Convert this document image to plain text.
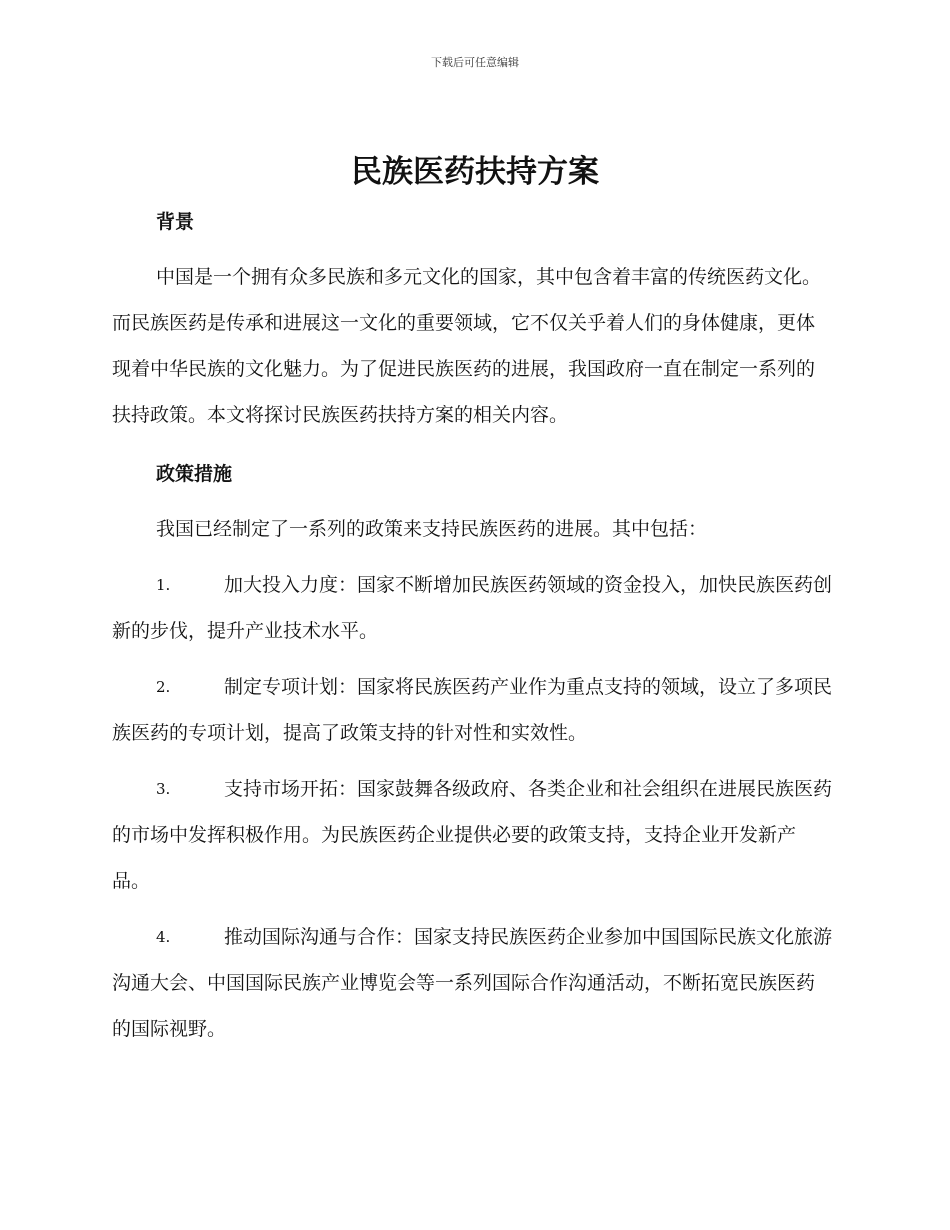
下载后可任意编辑
民族医药扶持方案
背景

中国是一个拥有众多民族和多元文化的国家，其中包含着丰富的传统医药文化。而民族医药是传承和进展这一文化的重要领域，它不仅关乎着人们的身体健康，更体现着中华民族的文化魅力。为了促进民族医药的进展，我国政府一直在制定一系列的扶持政策。本文将探讨民族医药扶持方案的相关内容。

政策措施

我国已经制定了一系列的政策来支持民族医药的进展。其中包括：

1.	加大投入力度：国家不断增加民族医药领域的资金投入，加快民族医药创新的步伐，提升产业技术水平。
2.	制定专项计划：国家将民族医药产业作为重点支持的领域，设立了多项民族医药的专项计划，提高了政策支持的针对性和实效性。
3.	支持市场开拓：国家鼓舞各级政府、各类企业和社会组织在进展民族医药的市场中发挥积极作用。为民族医药企业提供必要的政策支持，支持企业开发新产品。
4.	推动国际沟通与合作：国家支持民族医药企业参加中国国际民族文化旅游沟通大会、中国国际民族产业博览会等一系列国际合作沟通活动，不断拓宽民族医药的国际视野。
